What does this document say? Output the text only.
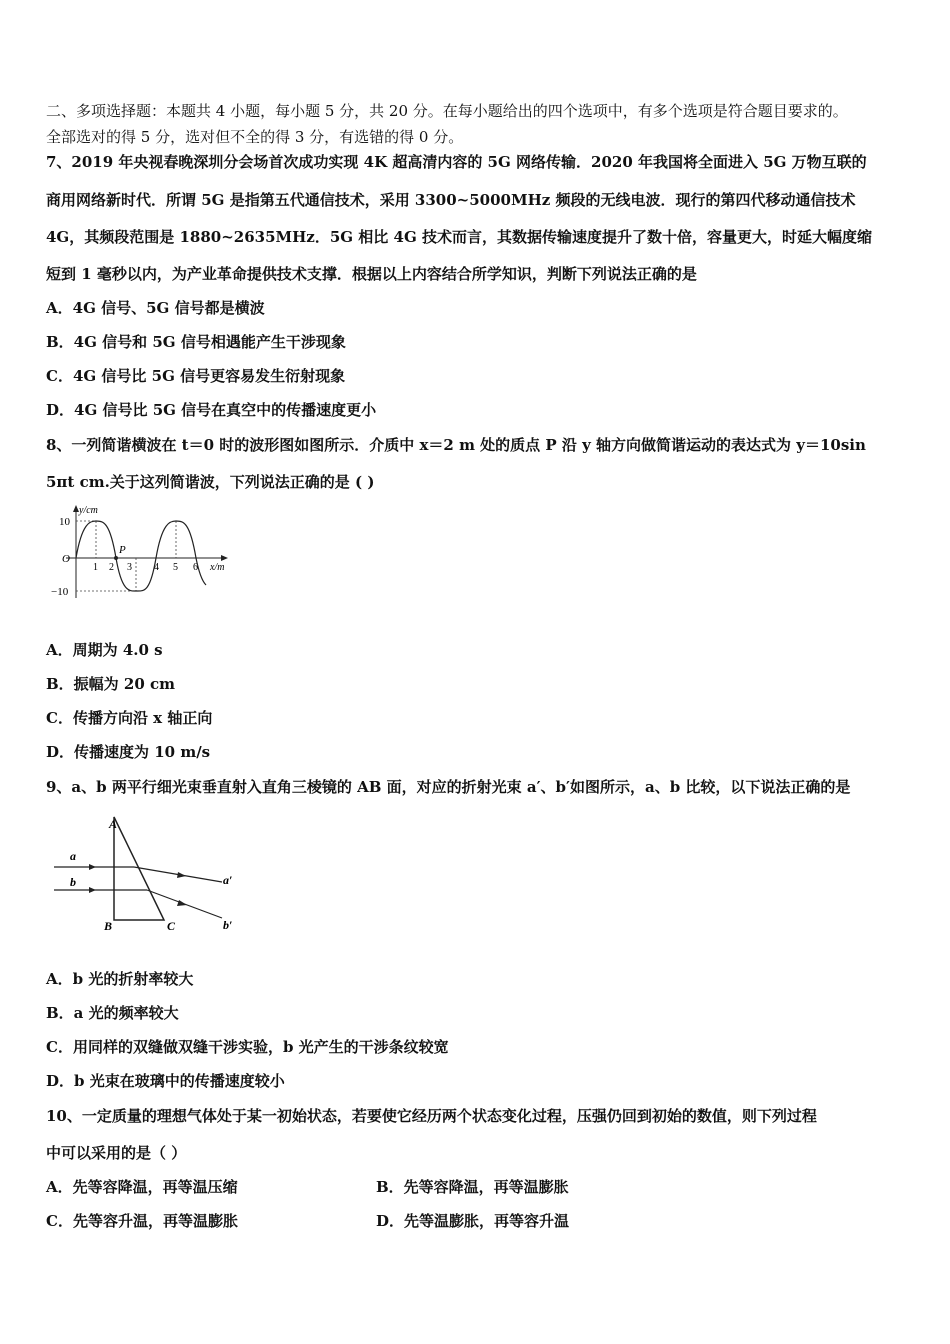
二、多项选择题：本题共 4 小题，每小题 5 分，共 20 分。在每小题给出的四个选项中，有多个选项是符合题目要求的。
全部选对的得 5 分，选对但不全的得 3 分，有选错的得 0 分。
7、2019 年央视春晚深圳分会场首次成功实现 4K 超高清内容的 5G 网络传输．2020 年我国将全面进入 5G 万物互联的
商用网络新时代．所谓 5G 是指第五代通信技术，采用 3300~5000MHz 频段的无线电波．现行的第四代移动通信技术
4G，其频段范围是 1880~2635MHz．5G 相比 4G 技术而言，其数据传输速度提升了数十倍，容量更大，时延大幅度缩
短到 1 毫秒以内，为产业革命提供技术支撑．根据以上内容结合所学知识，判断下列说法正确的是
A．4G 信号、5G 信号都是横波
B．4G 信号和 5G 信号相遇能产生干涉现象
C．4G 信号比 5G 信号更容易发生衍射现象
D．4G 信号比 5G 信号在真空中的传播速度更小
8、一列简谐横波在 t＝0 时的波形图如图所示．介质中 x＝2 m 处的质点 P 沿 y 轴方向做简谐运动的表达式为 y＝10sin
5πt cm.关于这列简谐波，下列说法正确的是 ( )
y/cm
x/m
10
O
−10
1 2 3 4 5 6
P
A．周期为 4.0 s
B．振幅为 20 cm
C．传播方向沿 x 轴正向
D．传播速度为 10 m/s
9、a、b 两平行细光束垂直射入直角三棱镜的 AB 面，对应的折射光束 a′、b′如图所示，a、b 比较，以下说法正确的是
A
B	C
a
b	a′
b′
A．b 光的折射率较大
B．a 光的频率较大
C．用同样的双缝做双缝干涉实验，b 光产生的干涉条纹较宽
D．b 光束在玻璃中的传播速度较小
10、一定质量的理想气体处于某一初始状态，若要使它经历两个状态变化过程，压强仍回到初始的数值，则下列过程
中可以采用的是（ ）
A．先等容降温，再等温压缩	B．先等容降温，再等温膨胀
C．先等容升温，再等温膨胀	D．先等温膨胀，再等容升温
